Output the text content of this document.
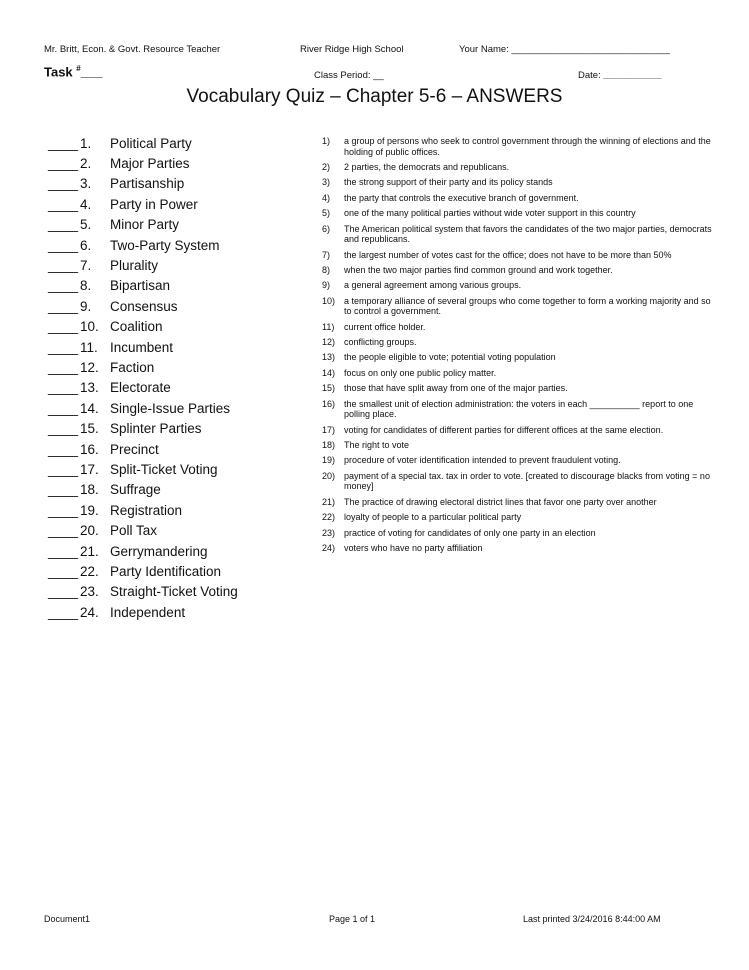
Mr. Britt, Econ. & Govt. Resource Teacher	River Ridge High School	Your Name: ______________________________
Task #___	Class Period: __	Date: ___________
Vocabulary Quiz – Chapter 5-6 – ANSWERS
____ 1.	Political Party
____ 2.	Major Parties
____ 3.	Partisanship
____ 4.	Party in Power
____ 5.	Minor Party
____ 6.	Two-Party System
____ 7.	Plurality
____ 8.	Bipartisan
____ 9.	Consensus
____ 10. Coalition
____ 11. Incumbent
____ 12. Faction
____ 13. Electorate
____ 14. Single-Issue Parties
____ 15. Splinter Parties
____ 16. Precinct
____ 17. Split-Ticket Voting
____ 18. Suffrage
____ 19. Registration
____ 20. Poll Tax
____ 21. Gerrymandering
____ 22. Party Identification
____ 23. Straight-Ticket Voting
____ 24. Independent
1)	a group of persons who seek to control government through the winning of elections and the holding of public offices.
2)	2 parties, the democrats and republicans.
3)	the strong support of their party and its policy stands
4)	the party that controls the executive branch of government.
5)	one of the many political parties without wide voter support in this country
6)	The American political system that favors the candidates of the two major parties, democrats and republicans.
7)	the largest number of votes cast for the office; does not have to be more than 50%
8)	when the two major parties find common ground and work together.
9)	a general agreement among various groups.
10) a temporary alliance of several groups who come together to form a working majority and so to control a government.
11)	current office holder.
12) conflicting groups.
13) the people eligible to vote; potential voting population
14) focus on only one public policy matter.
15) those that have split away from one of the major parties.
16) the smallest unit of election administration: the voters in each __________ report to one polling place.
17) voting for candidates of different parties for different offices at the same election.
18) The right to vote
19) procedure of voter identification intended to prevent fraudulent voting.
20) payment of a special tax. tax in order to vote. [created to discourage blacks from voting = no money]
21) The practice of drawing electoral district lines that favor one party over another
22) loyalty of people to a particular political party
23) practice of voting for candidates of only one party in an election
24) voters who have no party affiliation
Document1	Page 1 of 1	Last printed 3/24/2016 8:44:00 AM
